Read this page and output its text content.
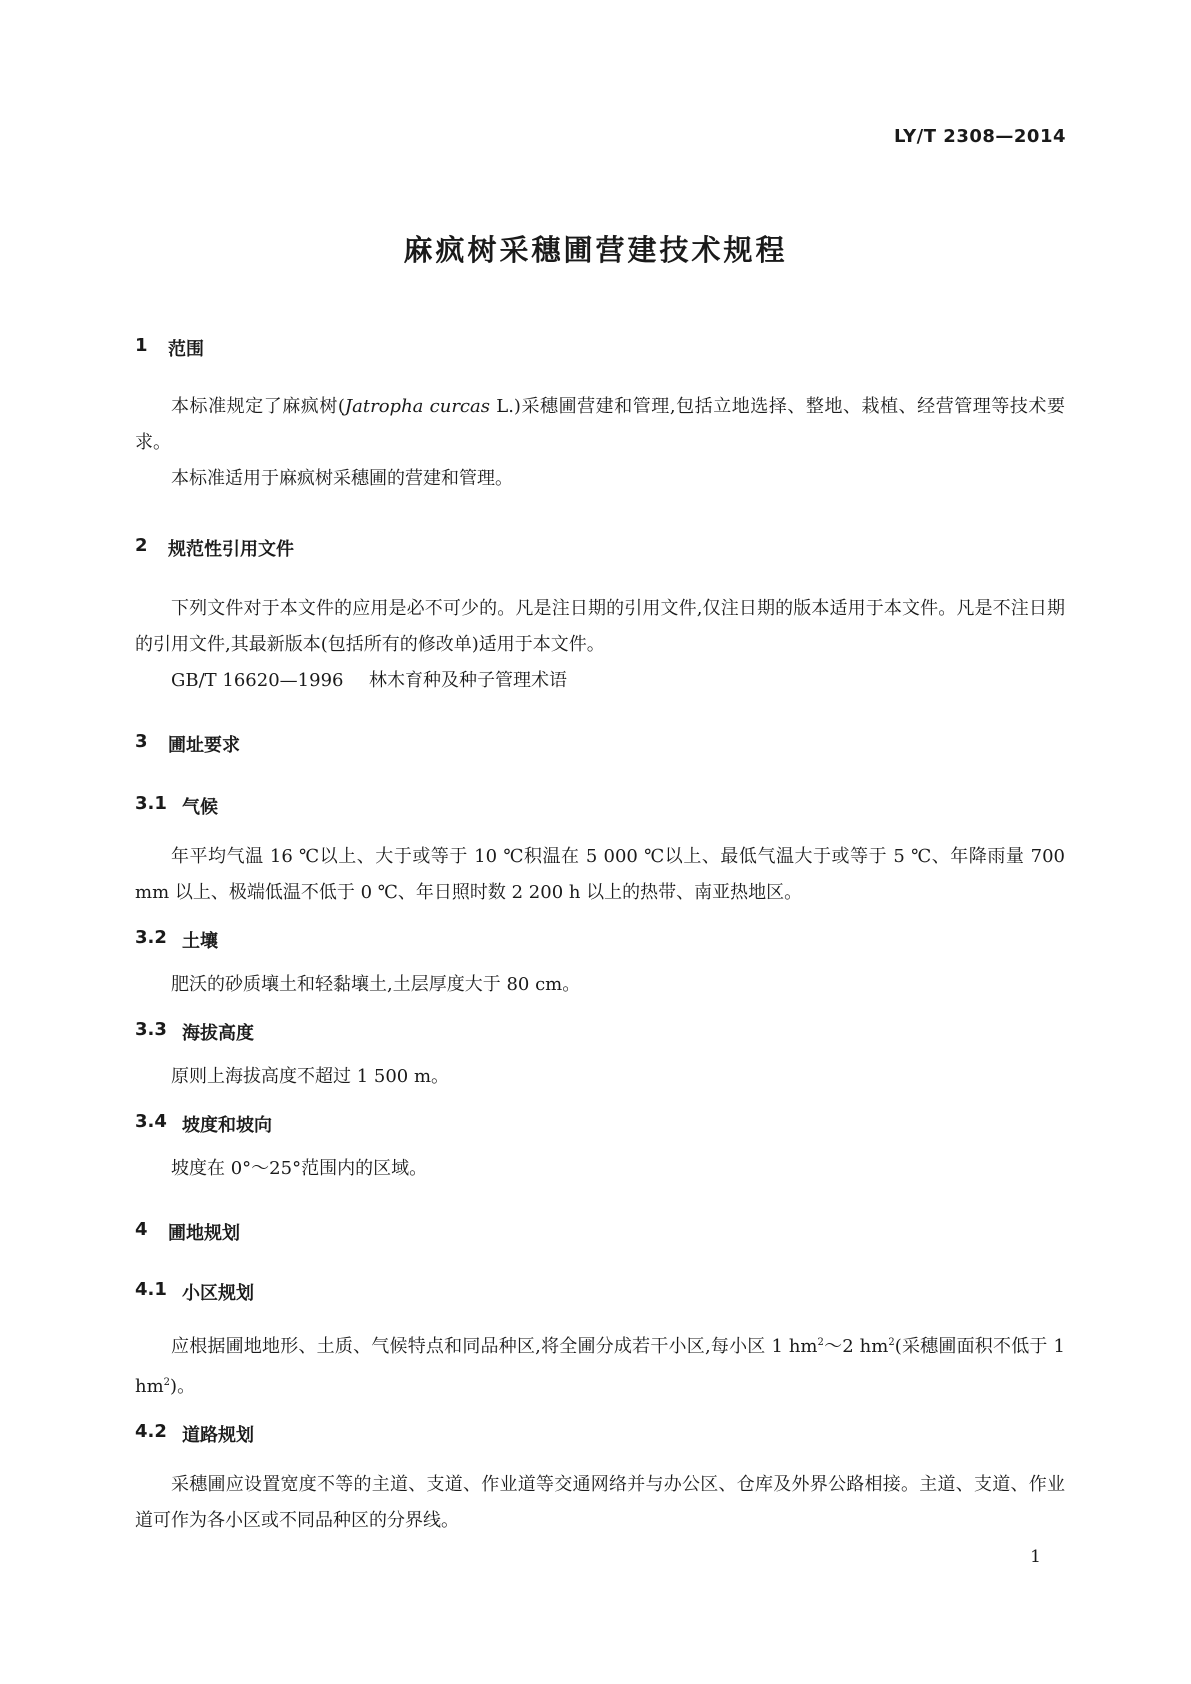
LY/T 2308—2014
麻疯树采穗圃营建技术规程
1	范围

本标准规定了麻疯树(Jatropha curcas L.)采穗圃营建和管理,包括立地选择、整地、栽植、经营管理等技术要求。

本标准适用于麻疯树采穗圃的营建和管理。

2	规范性引用文件

下列文件对于本文件的应用是必不可少的。凡是注日期的引用文件,仅注日期的版本适用于本文件。凡是不注日期的引用文件,其最新版本(包括所有的修改单)适用于本文件。

GB/T 16620—1996 林木育种及种子管理术语

3	圃址要求
3.1 气候

年平均气温 16 ℃以上、大于或等于 10 ℃积温在 5 000 ℃以上、最低气温大于或等于 5 ℃、年降雨量 700 mm 以上、极端低温不低于 0 ℃、年日照时数 2 200 h 以上的热带、南亚热地区。

3.2 土壤

肥沃的砂质壤土和轻黏壤土,土层厚度大于 80 cm。

3.3 海拔高度

原则上海拔高度不超过 1 500 m。

3.4 坡度和坡向

坡度在 0°～25°范围内的区域。

4	圃地规划
4.1 小区规划

应根据圃地地形、土质、气候特点和同品种区,将全圃分成若干小区,每小区 1 $hm^2\sim 2$ $hm^2$(采穗圃面积不低于 1 $hm^2$)。

4.2 道路规划

采穗圃应设置宽度不等的主道、支道、作业道等交通网络并与办公区、仓库及外界公路相接。主道、支道、作业道可作为各小区或不同品种区的分界线。

1
